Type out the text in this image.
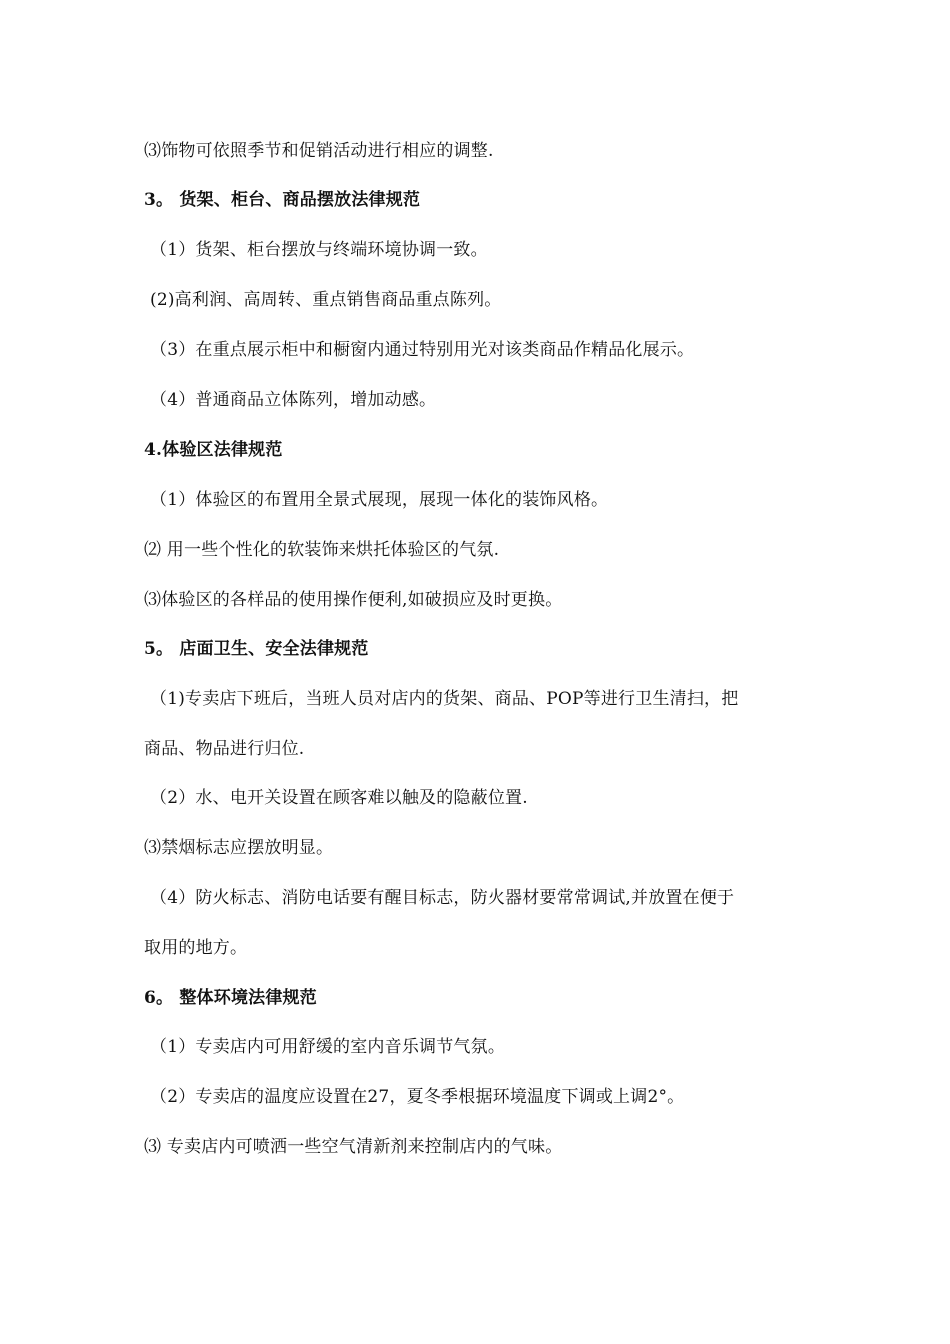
⑶饰物可依照季节和促销活动进行相应的调整.
3。 货架、柜台、商品摆放法律规范
（1）货架、柜台摆放与终端环境协调一致。
(2)高利润、高周转、重点销售商品重点陈列。
（3）在重点展示柜中和橱窗内通过特别用光对该类商品作精品化展示。
（4）普通商品立体陈列，增加动感。
4.体验区法律规范
（1）体验区的布置用全景式展现，展现一体化的装饰风格。
⑵ 用一些个性化的软装饰来烘托体验区的气氛.
⑶体验区的各样品的使用操作便利,如破损应及时更换。
5。 店面卫生、安全法律规范
（1)专卖店下班后，当班人员对店内的货架、商品、POP等进行卫生清扫，把
商品、物品进行归位.
（2）水、电开关设置在顾客难以触及的隐蔽位置.
⑶禁烟标志应摆放明显。
（4）防火标志、消防电话要有醒目标志，防火器材要常常调试,并放置在便于
取用的地方。
6。 整体环境法律规范
（1）专卖店内可用舒缓的室内音乐调节气氛。
（2）专卖店的温度应设置在27，夏冬季根据环境温度下调或上调2°。
⑶ 专卖店内可喷洒一些空气清新剂来控制店内的气味。
